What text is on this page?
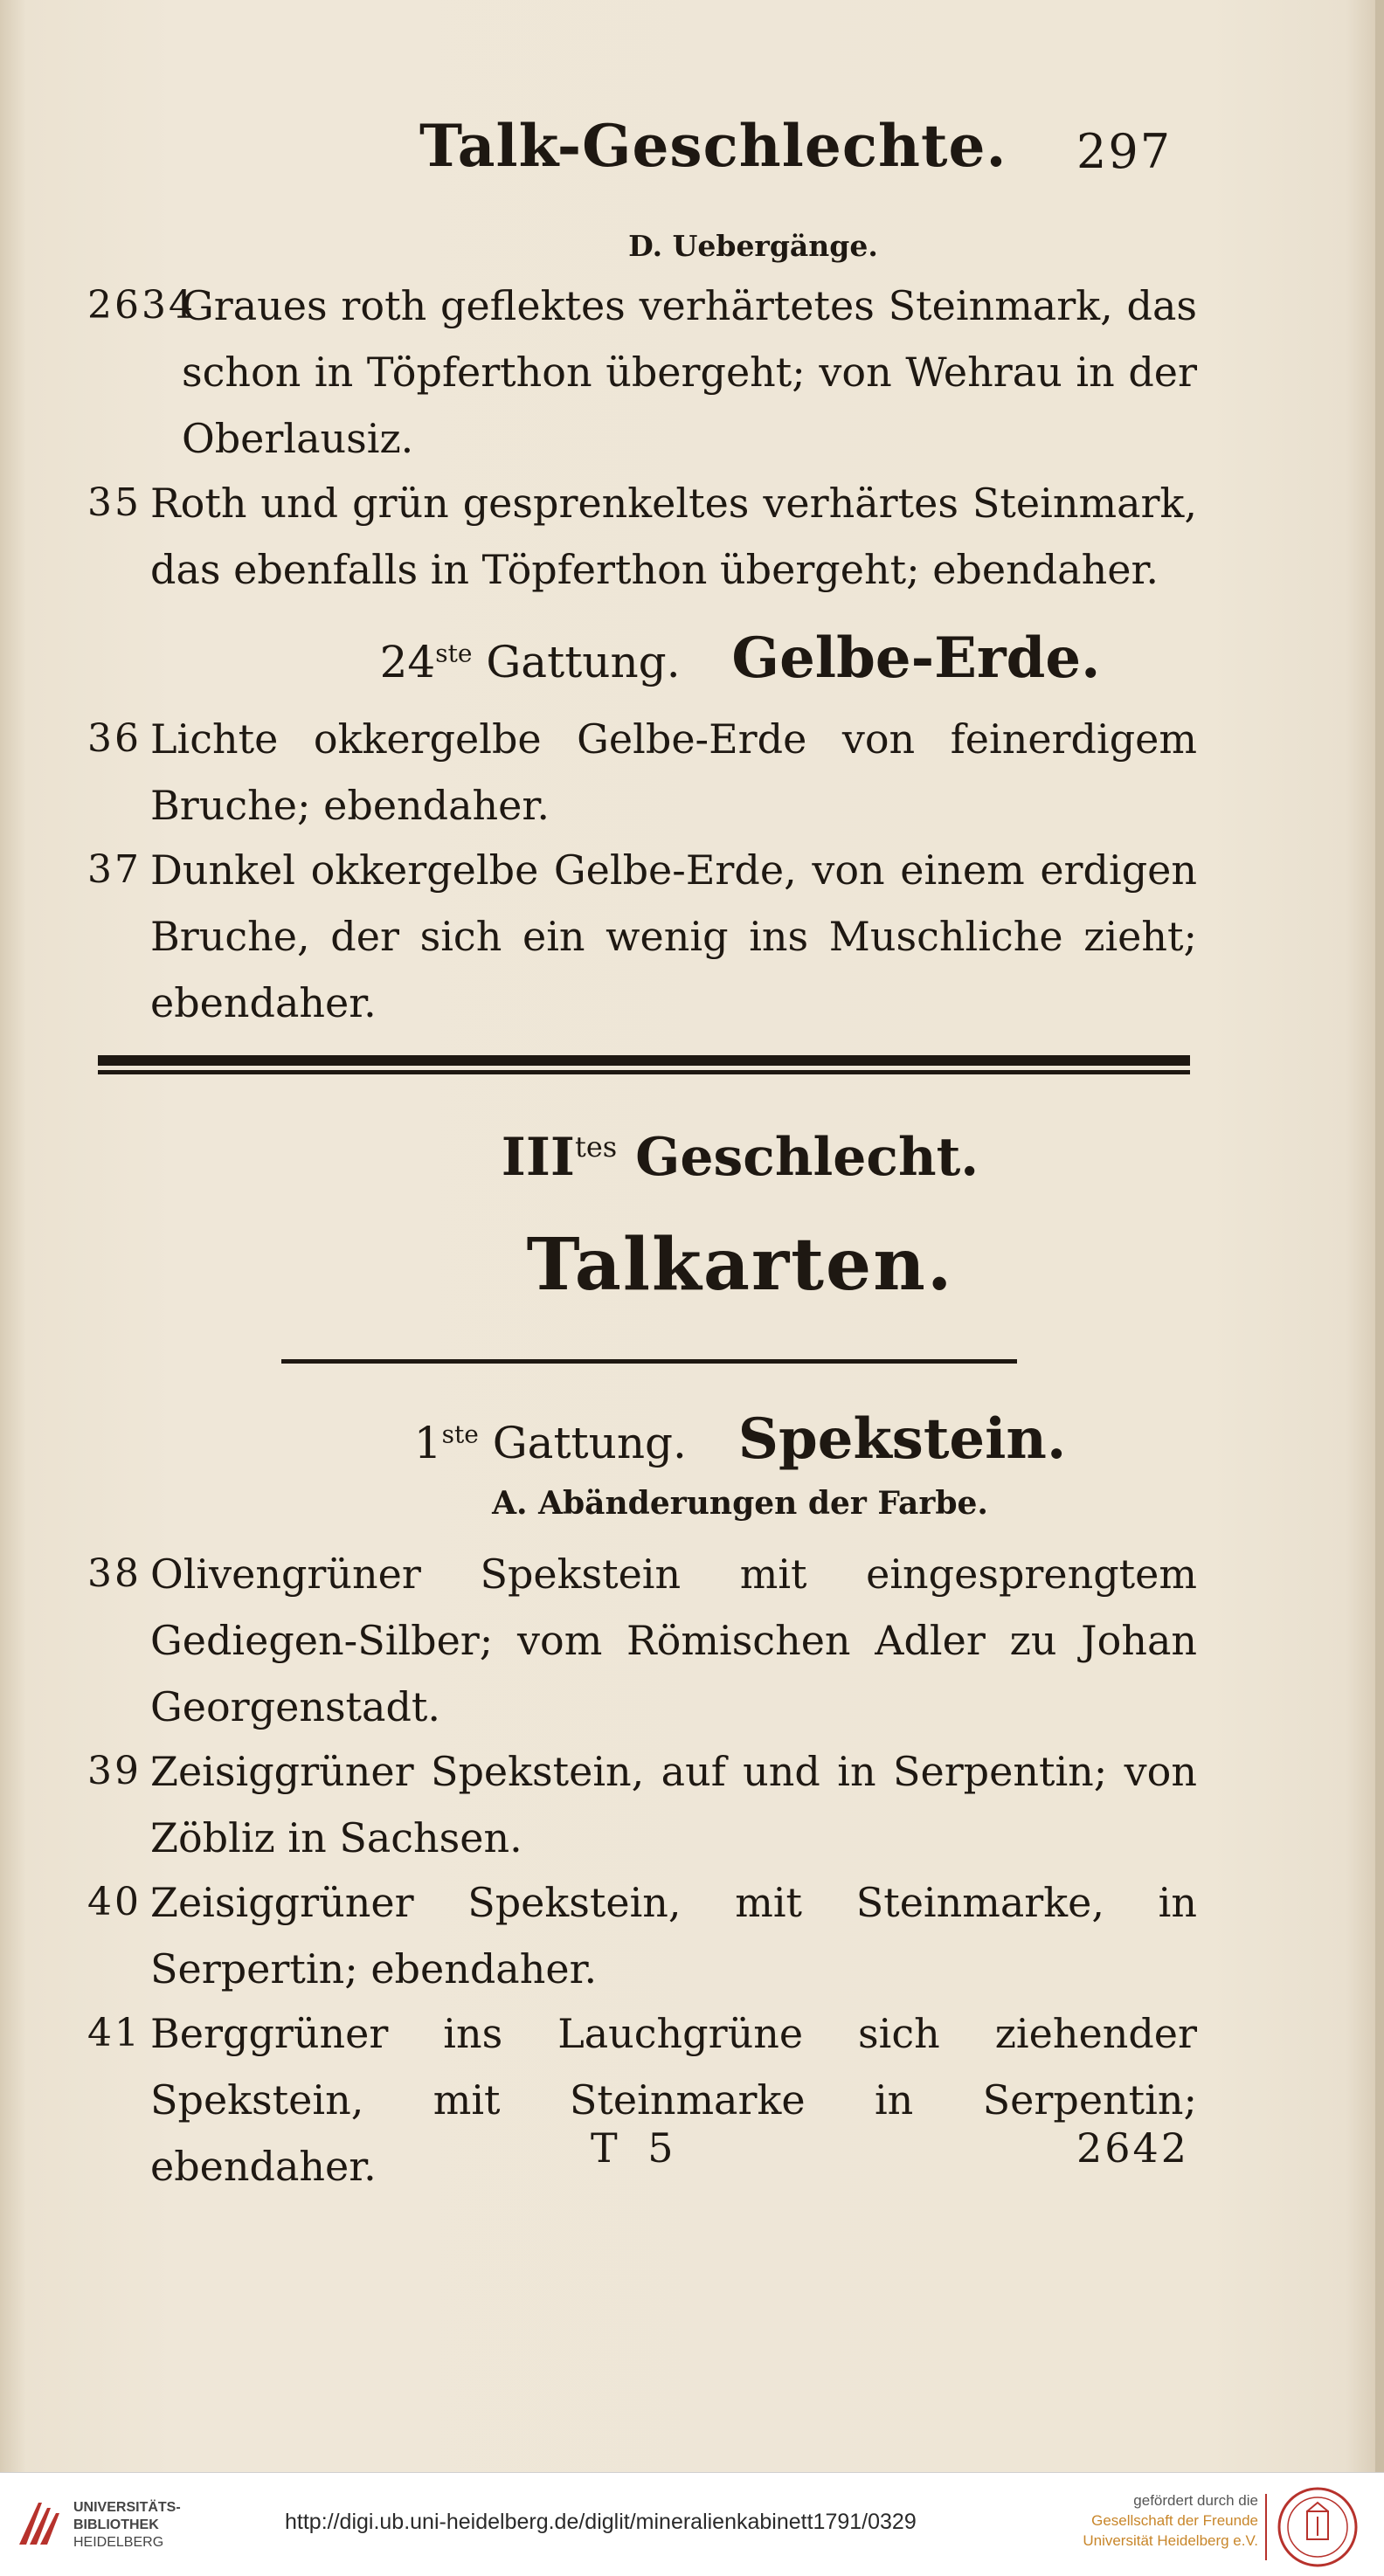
Talk-Geschlechte. 297
D. Uebergänge.
2634
Graues roth geflektes verhärtetes Steinmark, das schon in Töpferthon übergeht; von Wehrau in der Oberlausiz.
35 Roth und grün gesprenkeltes verhärtes Steinmark, das ebenfalls in Töpferthon übergeht; ebendaher.
24ste Gattung. Gelbe-Erde.
36 Lichte okkergelbe Gelbe-Erde von feinerdigem Bruche; ebendaher.
37 Dunkel okkergelbe Gelbe-Erde, von einem erdigen Bruche, der sich ein wenig ins Muschliche zieht; ebendaher.
$III^{tes}$ Geschlecht.
Talkarten.
1ste Gattung. Spekstein.
A. Abänderungen der Farbe.
38 Olivengrüner Spekstein mit eingesprengtem Gediegen-Silber; vom Römischen Adler zu Johan Georgenstadt.
39 Zeisiggrüner Spekstein, auf und in Serpentin; von Zöbliz in Sachsen.
40 Zeisiggrüner Spekstein, mit Steinmarke, in Serpertin; ebendaher.
41 Berggrüner ins Lauchgrüne sich ziehender Spekstein, mit Steinmarke in Serpentin; ebendaher.	T 5	2642
UNIVERSITÄTS-
BIBLIOTHEK
HEIDELBERG
http://digi.ub.uni-heidelberg.de/diglit/mineralienkabinett1791/0329
gefördert durch die
Gesellschaft der Freunde
Universität Heidelberg e.V.
